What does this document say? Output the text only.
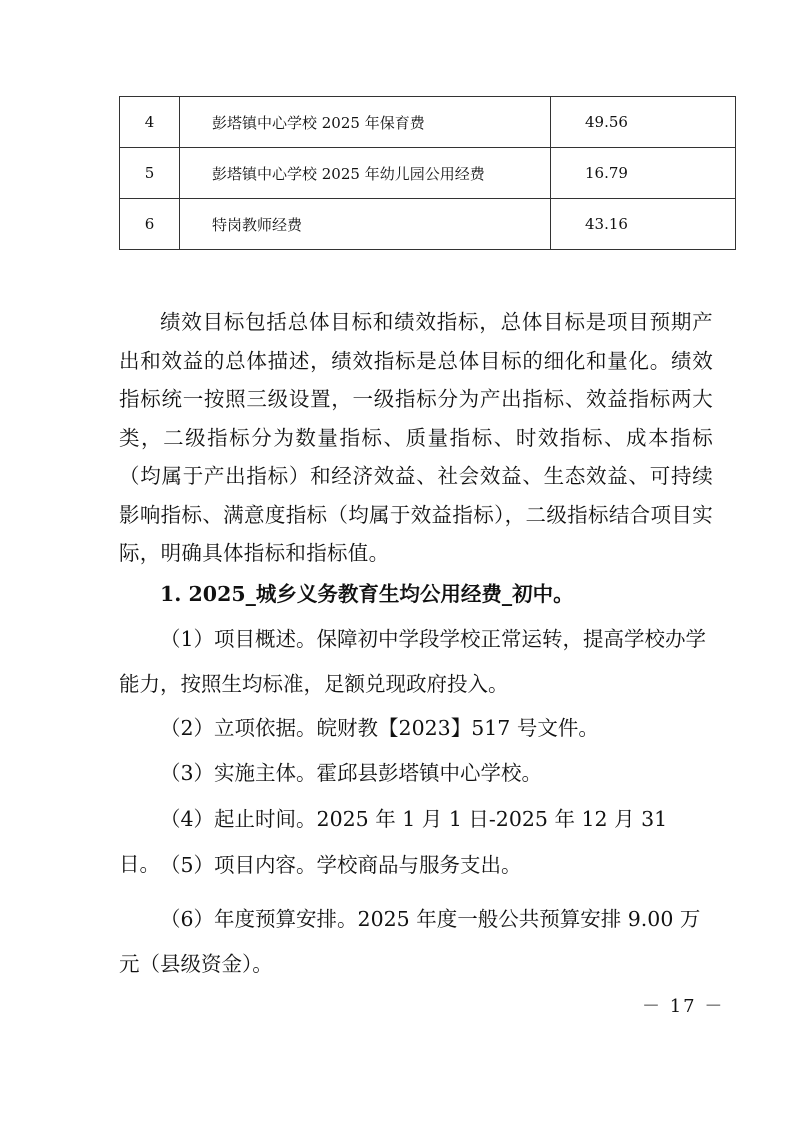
4	彭塔镇中心学校 2025 年保育费	49.56
5	彭塔镇中心学校 2025 年幼儿园公用经费	16.79
6	特岗教师经费	43.16

绩效目标包括总体目标和绩效指标，总体目标是项目预期产出和效益的总体描述，绩效指标是总体目标的细化和量化。绩效指标统一按照三级设置，一级指标分为产出指标、效益指标两大类，二级指标分为数量指标、质量指标、时效指标、成本指标（均属于产出指标）和经济效益、社会效益、生态效益、可持续影响指标、满意度指标（均属于效益指标），二级指标结合项目实际，明确具体指标和指标值。

1. 2025_城乡义务教育生均公用经费_初中。

（1）项目概述。保障初中学段学校正常运转，提高学校办学能力，按照生均标准，足额兑现政府投入。

（2）立项依据。皖财教【2023】517 号文件。

（3）实施主体。霍邱县彭塔镇中心学校。

（4）起止时间。2025 年 1 月 1 日-2025 年 12 月 31 日。 （5）项目内容。学校商品与服务支出。

（6）年度预算安排。2025 年度一般公共预算安排 9.00 万元（县级资金）。

－ 17 －
